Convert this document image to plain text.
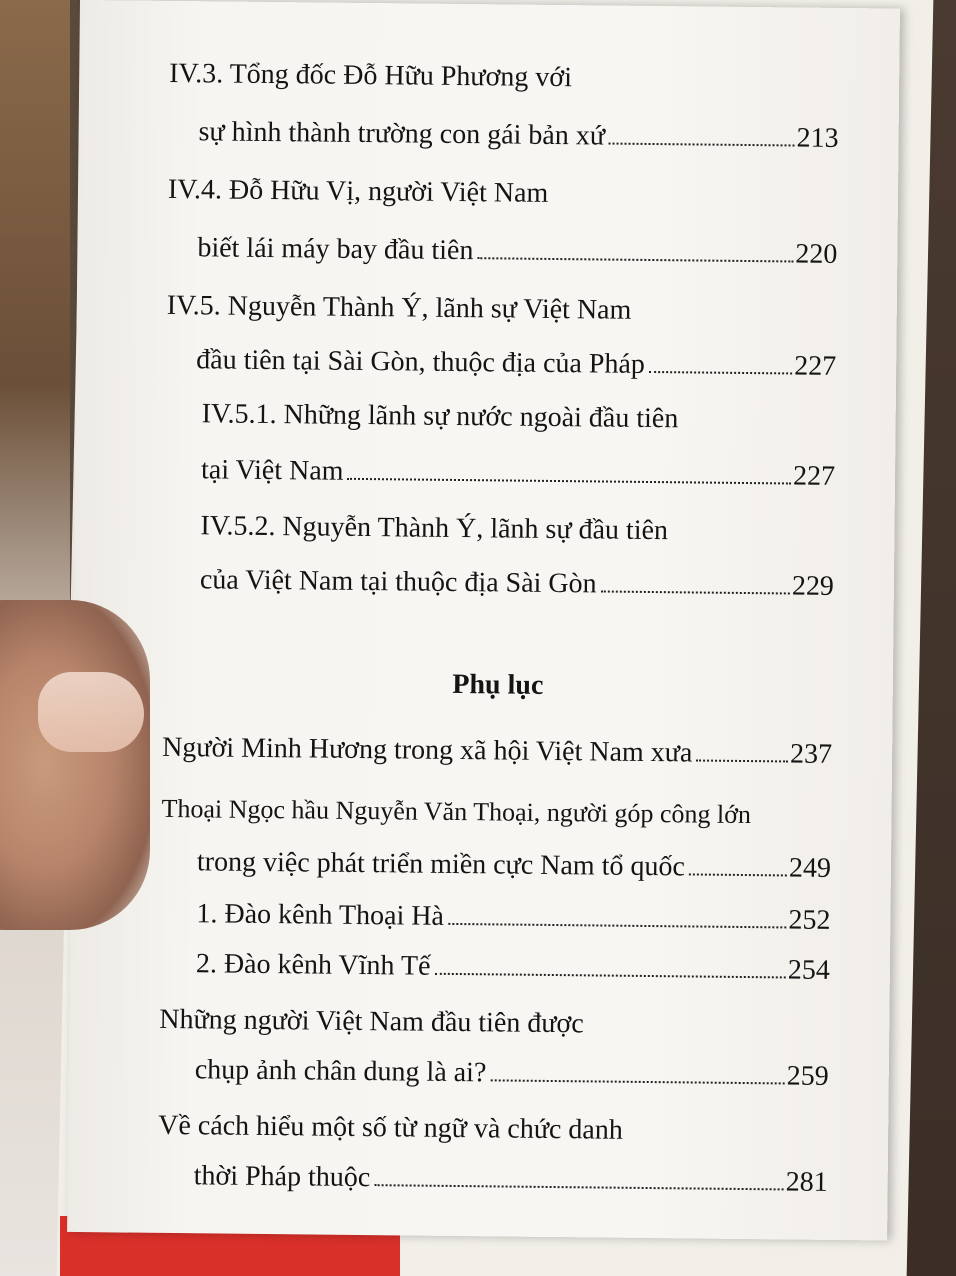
IV.3. Tổng đốc Đỗ Hữu Phương với
sự hình thành trường con gái bản xứ	213
IV.4. Đỗ Hữu Vị, người Việt Nam
biết lái máy bay đầu tiên	220
IV.5. Nguyễn Thành Ý, lãnh sự Việt Nam
đầu tiên tại Sài Gòn, thuộc địa của Pháp	227
IV.5.1. Những lãnh sự nước ngoài đầu tiên
tại Việt Nam	227
IV.5.2. Nguyễn Thành Ý, lãnh sự đầu tiên
của Việt Nam tại thuộc địa Sài Gòn	229
Phụ lục
Người Minh Hương trong xã hội Việt Nam xưa	237
Thoại Ngọc hầu Nguyễn Văn Thoại, người góp công lớn
trong việc phát triển miền cực Nam tổ quốc	249
1. Đào kênh Thoại Hà	252
2. Đào kênh Vĩnh Tế	254
Những người Việt Nam đầu tiên được
chụp ảnh chân dung là ai?	259
Về cách hiểu một số từ ngữ và chức danh
thời Pháp thuộc	281
